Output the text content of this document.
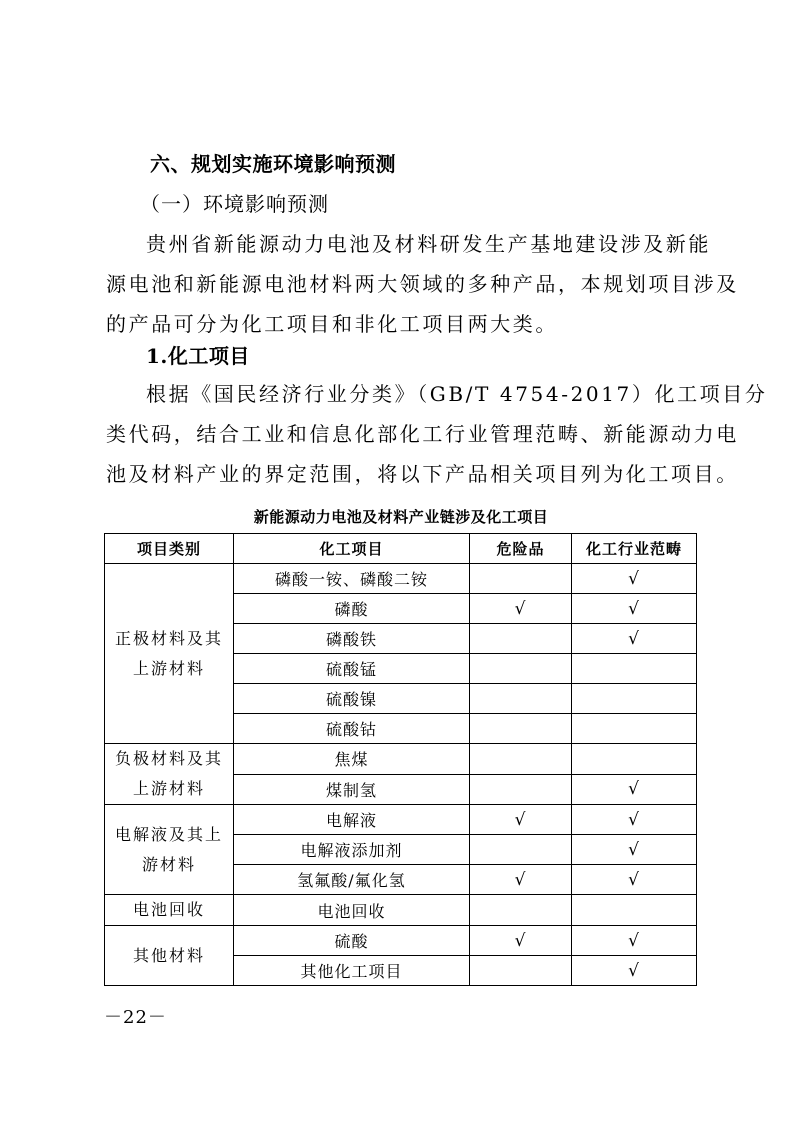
六、规划实施环境影响预测
（一）环境影响预测
贵州省新能源动力电池及材料研发生产基地建设涉及新能
源电池和新能源电池材料两大领域的多种产品，本规划项目涉及
的产品可分为化工项目和非化工项目两大类。
1.化工项目
根据《国民经济行业分类》（GB/T 4754-2017）化工项目分
类代码，结合工业和信息化部化工行业管理范畴、新能源动力电
池及材料产业的界定范围，将以下产品相关项目列为化工项目。
新能源动力电池及材料产业链涉及化工项目
项目类别	化工项目	危险品	化工行业范畴
正极材料及其
上游材料	磷酸一铵、磷酸二铵		√
	磷酸	√	√
	磷酸铁		√
	硫酸锰		
	硫酸镍		
	硫酸钴		
负极材料及其
上游材料	焦煤		
	煤制氢		√
电解液及其上
游材料	电解液	√	√
	电解液添加剂		√
	氢氟酸/氟化氢	√	√
电池回收	电池回收		
其他材料	硫酸	√	√
	其他化工项目		√
－22－
